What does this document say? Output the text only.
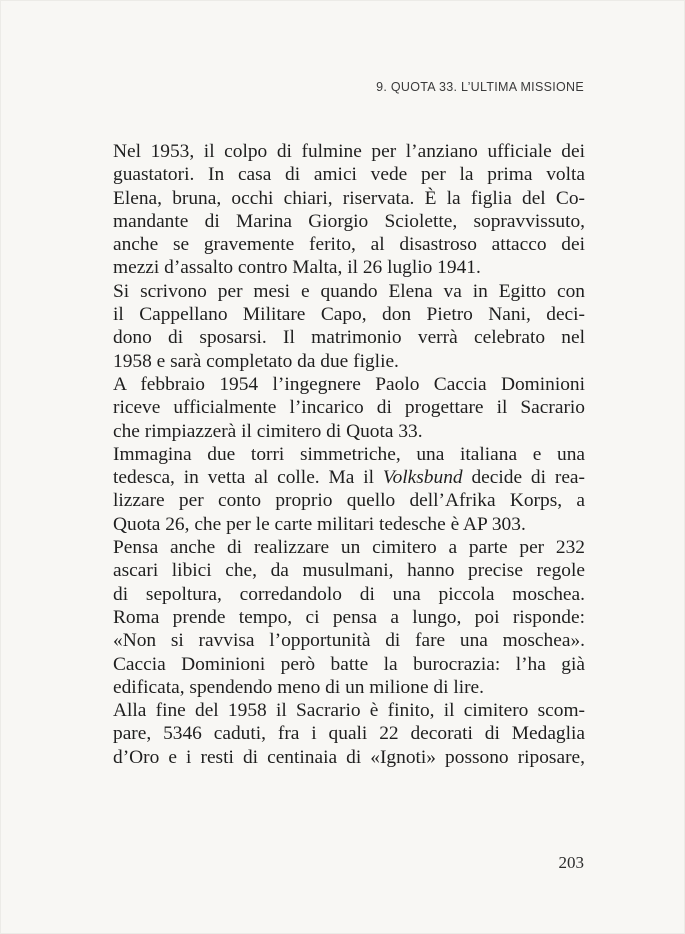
9. QUOTA 33. L’ULTIMA MISSIONE
Nel 1953, il colpo di fulmine per l’anziano ufficiale dei
guastatori. In casa di amici vede per la prima volta
Elena, bruna, occhi chiari, riservata. È la figlia del Co-
mandante di Marina Giorgio Sciolette, sopravvissuto,
anche se gravemente ferito, al disastroso attacco dei
mezzi d’assalto contro Malta, il 26 luglio 1941.
Si scrivono per mesi e quando Elena va in Egitto con
il Cappellano Militare Capo, don Pietro Nani, deci-
dono di sposarsi. Il matrimonio verrà celebrato nel
1958 e sarà completato da due figlie.
A febbraio 1954 l’ingegnere Paolo Caccia Dominioni
riceve ufficialmente l’incarico di progettare il Sacrario
che rimpiazzerà il cimitero di Quota 33.
Immagina due torri simmetriche, una italiana e una
tedesca, in vetta al colle. Ma il Volksbund decide di rea-
lizzare per conto proprio quello dell’Afrika Korps, a
Quota 26, che per le carte militari tedesche è AP 303.
Pensa anche di realizzare un cimitero a parte per 232
ascari libici che, da musulmani, hanno precise regole
di sepoltura, corredandolo di una piccola moschea.
Roma prende tempo, ci pensa a lungo, poi risponde:
«Non si ravvisa l’opportunità di fare una moschea».
Caccia Dominioni però batte la burocrazia: l’ha già
edificata, spendendo meno di un milione di lire.
Alla fine del 1958 il Sacrario è finito, il cimitero scom-
pare, 5346 caduti, fra i quali 22 decorati di Medaglia
d’Oro e i resti di centinaia di «Ignoti» possono riposare,
203
